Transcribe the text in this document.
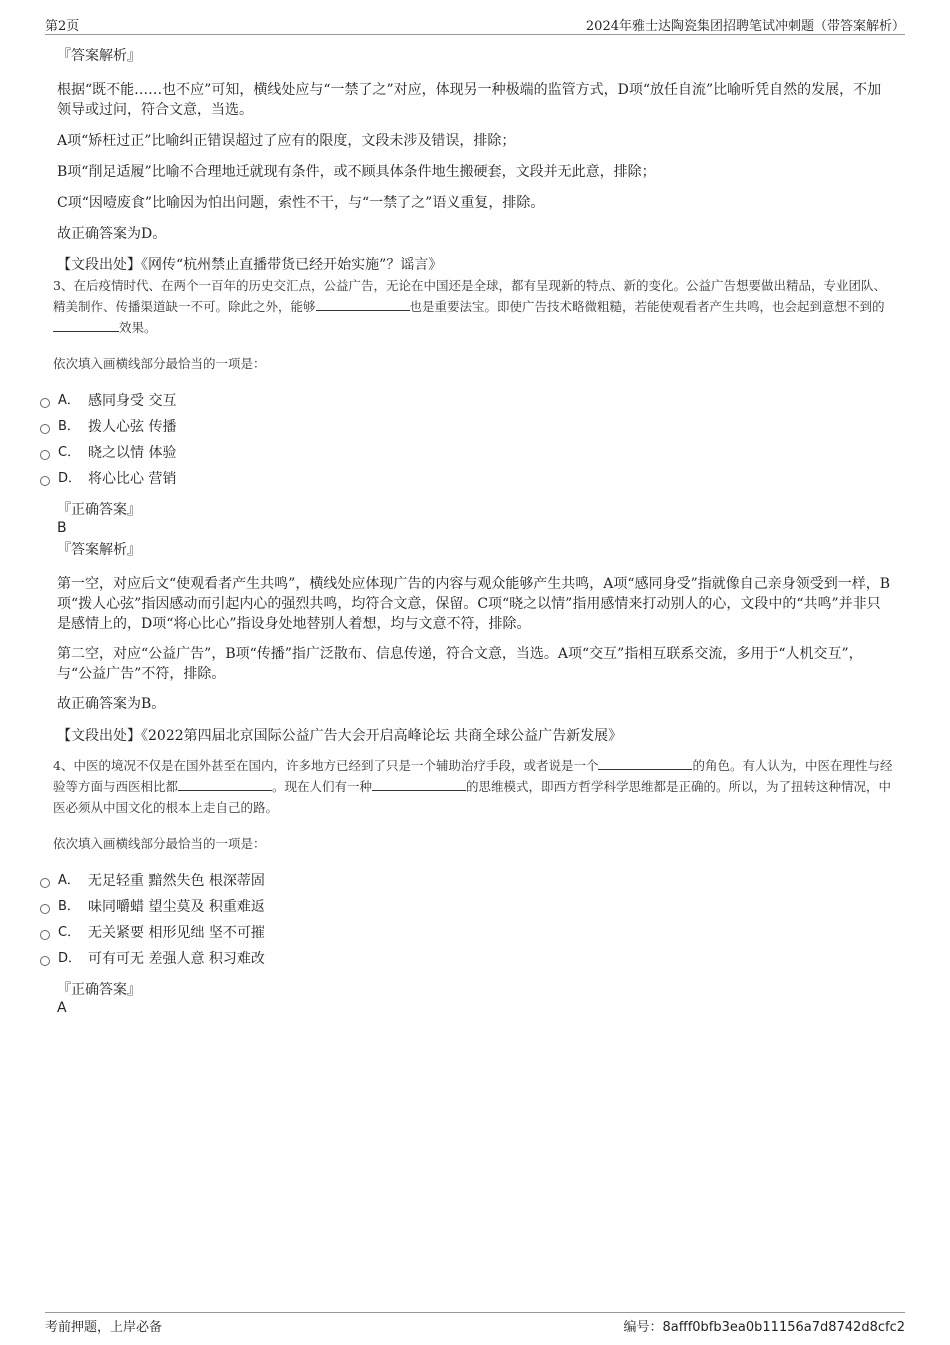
第2页	2024年雅士达陶瓷集团招聘笔试冲刺题（带答案解析）

『答案解析』

根据“既不能……也不应”可知，横线处应与“一禁了之”对应，体现另一种极端的监管方式，D项“放任自流”比喻听凭自然的发展，不加领导或过问，符合文意，当选。

A项“矫枉过正”比喻纠正错误超过了应有的限度，文段未涉及错误，排除；

B项“削足适履”比喻不合理地迁就现有条件，或不顾具体条件地生搬硬套，文段并无此意，排除；

C项“因噎废食”比喻因为怕出问题，索性不干，与“一禁了之”语义重复，排除。

故正确答案为D。

【文段出处】《网传“杭州禁止直播带货已经开始实施”？谣言》

3、在后疫情时代、在两个一百年的历史交汇点，公益广告，无论在中国还是全球，都有呈现新的特点、新的变化。公益广告想要做出精品，专业团队、精美制作、传播渠道缺一不可。除此之外，能够	也是重要法宝。即使广告技术略微粗糙，若能使观看者产生共鸣，也会起到意想不到的效果。

依次填入画横线部分最恰当的一项是：

A． 感同身受 交互
B． 拨人心弦 传播
C． 晓之以情 体验
D． 将心比心 营销

『正确答案』

B

『答案解析』

第一空，对应后文“使观看者产生共鸣”，横线处应体现广告的内容与观众能够产生共鸣，A项“感同身受”指就像自己亲身领受到一样，B项“拨人心弦”指因感动而引起内心的强烈共鸣，均符合文意，保留。C项“晓之以情”指用感情来打动别人的心，文段中的“共鸣”并非只是感情上的，D项“将心比心”指设身处地替别人着想，均与文意不符，排除。

第二空，对应“公益广告”，B项“传播”指广泛散布、信息传递，符合文意，当选。A项“交互”指相互联系交流，多用于“人机交互”，与“公益广告”不符，排除。

故正确答案为B。

【文段出处】《2022第四届北京国际公益广告大会开启高峰论坛 共商全球公益广告新发展》

4、中医的境况不仅是在国外甚至在国内，许多地方已经到了只是一个辅助治疗手段，或者说是一个	的角色。有人认为，中医在理性与经验等方面与西医相比都	。现在人们有一种	的思维模式，即西方哲学科学思维都是正确的。所以，为了扭转这种情况，中医必须从中国文化的根本上走自己的路。

依次填入画横线部分最恰当的一项是：

A． 无足轻重 黯然失色 根深蒂固
B． 味同嚼蜡 望尘莫及 积重难返
C． 无关紧要 相形见绌 坚不可摧
D． 可有可无 差强人意 积习难改

『正确答案』

A

考前押题，上岸必备	编号：8afff0bfb3ea0b11156a7d8742d8cfc2
